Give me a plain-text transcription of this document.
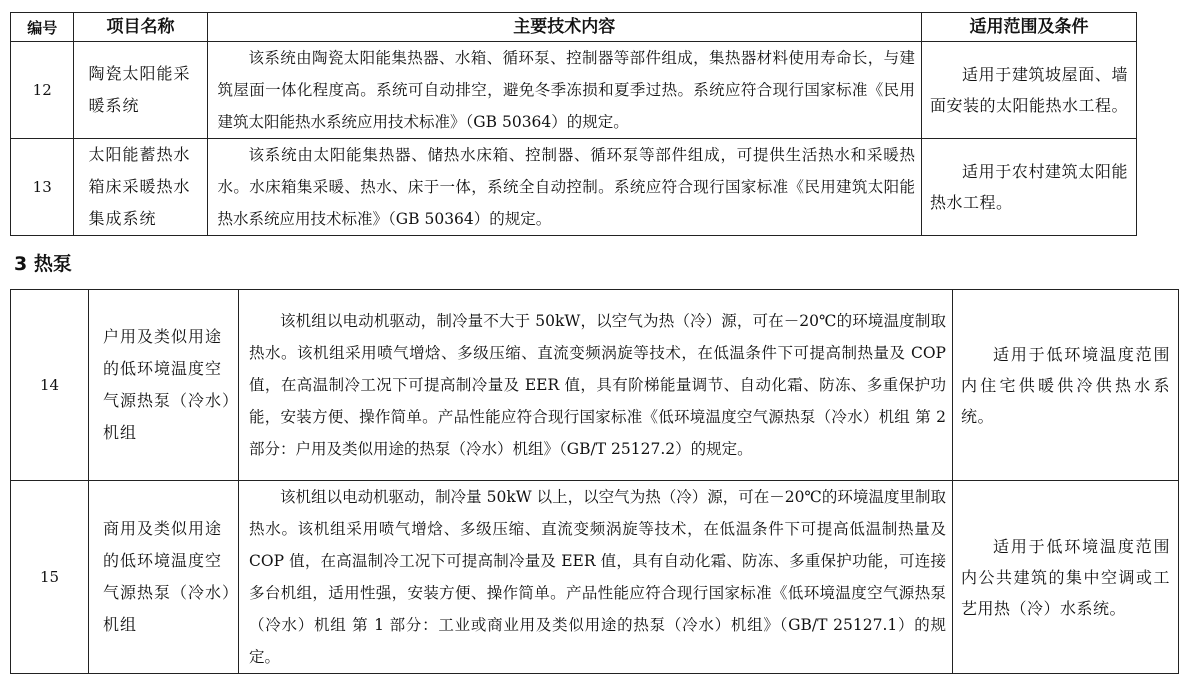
编号	项目名称	主要技术内容	适用范围及条件
12	陶瓷太阳能采暖系统	该系统由陶瓷太阳能集热器、水箱、循环泵、控制器等部件组成，集热器材料使用寿命长，与建筑屋面一体化程度高。系统可自动排空，避免冬季冻损和夏季过热。系统应符合现行国家标准《民用建筑太阳能热水系统应用技术标准》（GB 50364）的规定。	适用于建筑坡屋面、墙面安装的太阳能热水工程。
13	太阳能蓄热水箱床采暖热水集成系统	该系统由太阳能集热器、储热水床箱、控制器、循环泵等部件组成，可提供生活热水和采暖热水。水床箱集采暖、热水、床于一体，系统全自动控制。系统应符合现行国家标准《民用建筑太阳能热水系统应用技术标准》（GB 50364）的规定。	适用于农村建筑太阳能热水工程。
3 热泵
14	户用及类似用途的低环境温度空气源热泵（冷水）机组	该机组以电动机驱动，制冷量不大于 50kW，以空气为热（冷）源，可在－20℃的环境温度制取热水。该机组采用喷气增焓、多级压缩、直流变频涡旋等技术，在低温条件下可提高制热量及 COP 值，在高温制冷工况下可提高制冷量及 EER 值，具有阶梯能量调节、自动化霜、防冻、多重保护功能，安装方便、操作简单。产品性能应符合现行国家标准《低环境温度空气源热泵（冷水）机组 第 2 部分：户用及类似用途的热泵（冷水）机组》（GB/T 25127.2）的规定。	适用于低环境温度范围内住宅供暖供冷供热水系统。
15	商用及类似用途的低环境温度空气源热泵（冷水）机组	该机组以电动机驱动，制冷量 50kW 以上，以空气为热（冷）源，可在－20℃的环境温度里制取热水。该机组采用喷气增焓、多级压缩、直流变频涡旋等技术，在低温条件下可提高低温制热量及 COP 值，在高温制冷工况下可提高制冷量及 EER 值，具有自动化霜、防冻、多重保护功能，可连接多台机组，适用性强，安装方便、操作简单。产品性能应符合现行国家标准《低环境温度空气源热泵（冷水）机组 第 1 部分：工业或商业用及类似用途的热泵（冷水）机组》（GB/T 25127.1）的规定。	适用于低环境温度范围内公共建筑的集中空调或工艺用热（冷）水系统。
